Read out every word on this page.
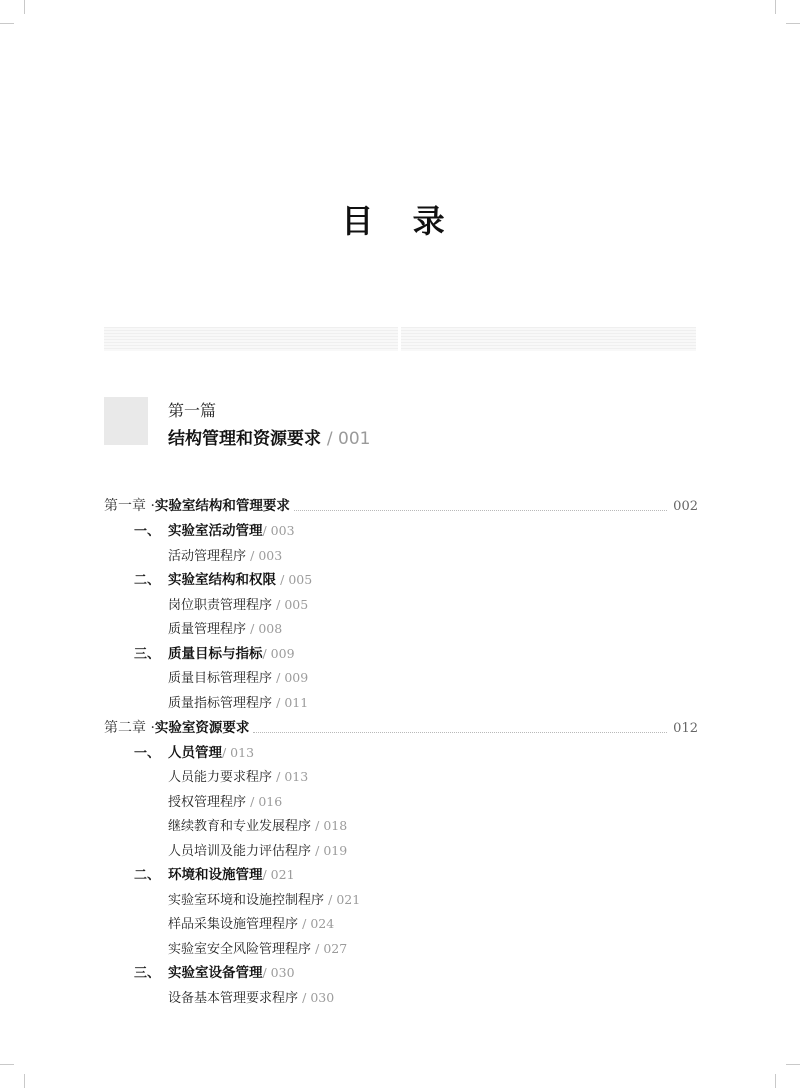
目 录
第一篇
结构管理和资源要求 / 001
第一章 · 实验室结构和管理要求	002
一、 实验室活动管理/ 003
活动管理程序 / 003
二、 实验室结构和权限 / 005
岗位职责管理程序 / 005
质量管理程序 / 008
三、 质量目标与指标/ 009
质量目标管理程序 / 009
质量指标管理程序 / 011
第二章 · 实验室资源要求	012
一、 人员管理/ 013
人员能力要求程序 / 013
授权管理程序 / 016
继续教育和专业发展程序 / 018
人员培训及能力评估程序 / 019
二、 环境和设施管理/ 021
实验室环境和设施控制程序 / 021
样品采集设施管理程序 / 024
实验室安全风险管理程序 / 027
三、 实验室设备管理/ 030
设备基本管理要求程序 / 030
